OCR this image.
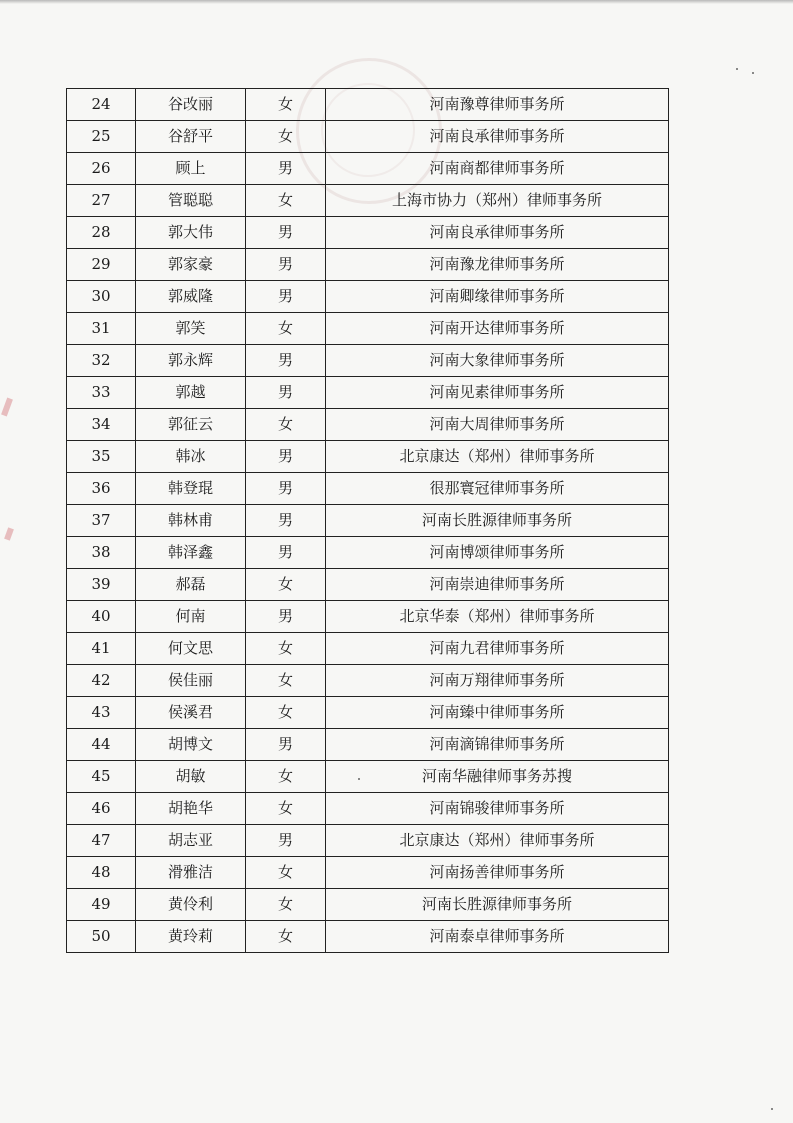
24	谷改丽	女	河南豫尊律师事务所
25	谷舒平	女	河南良承律师事务所
26	顾上	男	河南商都律师事务所
27	管聪聪	女	上海市协力（郑州）律师事务所
28	郭大伟	男	河南良承律师事务所
29	郭家豪	男	河南豫龙律师事务所
30	郭威隆	男	河南卿缘律师事务所
31	郭笑	女	河南开达律师事务所
32	郭永辉	男	河南大象律师事务所
33	郭越	男	河南见素律师事务所
34	郭征云	女	河南大周律师事务所
35	韩冰	男	北京康达（郑州）律师事务所
36	韩登琨	男	很那寰冠律师事务所
37	韩林甫	男	河南长胜源律师事务所
38	韩泽鑫	男	河南博颂律师事务所
39	郝磊	女	河南崇迪律师事务所
40	何南	男	北京华泰（郑州）律师事务所
41	何文思	女	河南九君律师事务所
42	侯佳丽	女	河南万翔律师事务所
43	侯溪君	女	河南臻中律师事务所
44	胡博文	男	河南滴锦律师事务所
45	胡敏	女	河南华融律师事务苏搜
46	胡艳华	女	河南锦骏律师事务所
47	胡志亚	男	北京康达（郑州）律师事务所
48	滑雅洁	女	河南扬善律师事务所
49	黄伶利	女	河南长胜源律师事务所
50	黄玲莉	女	河南泰卓律师事务所
